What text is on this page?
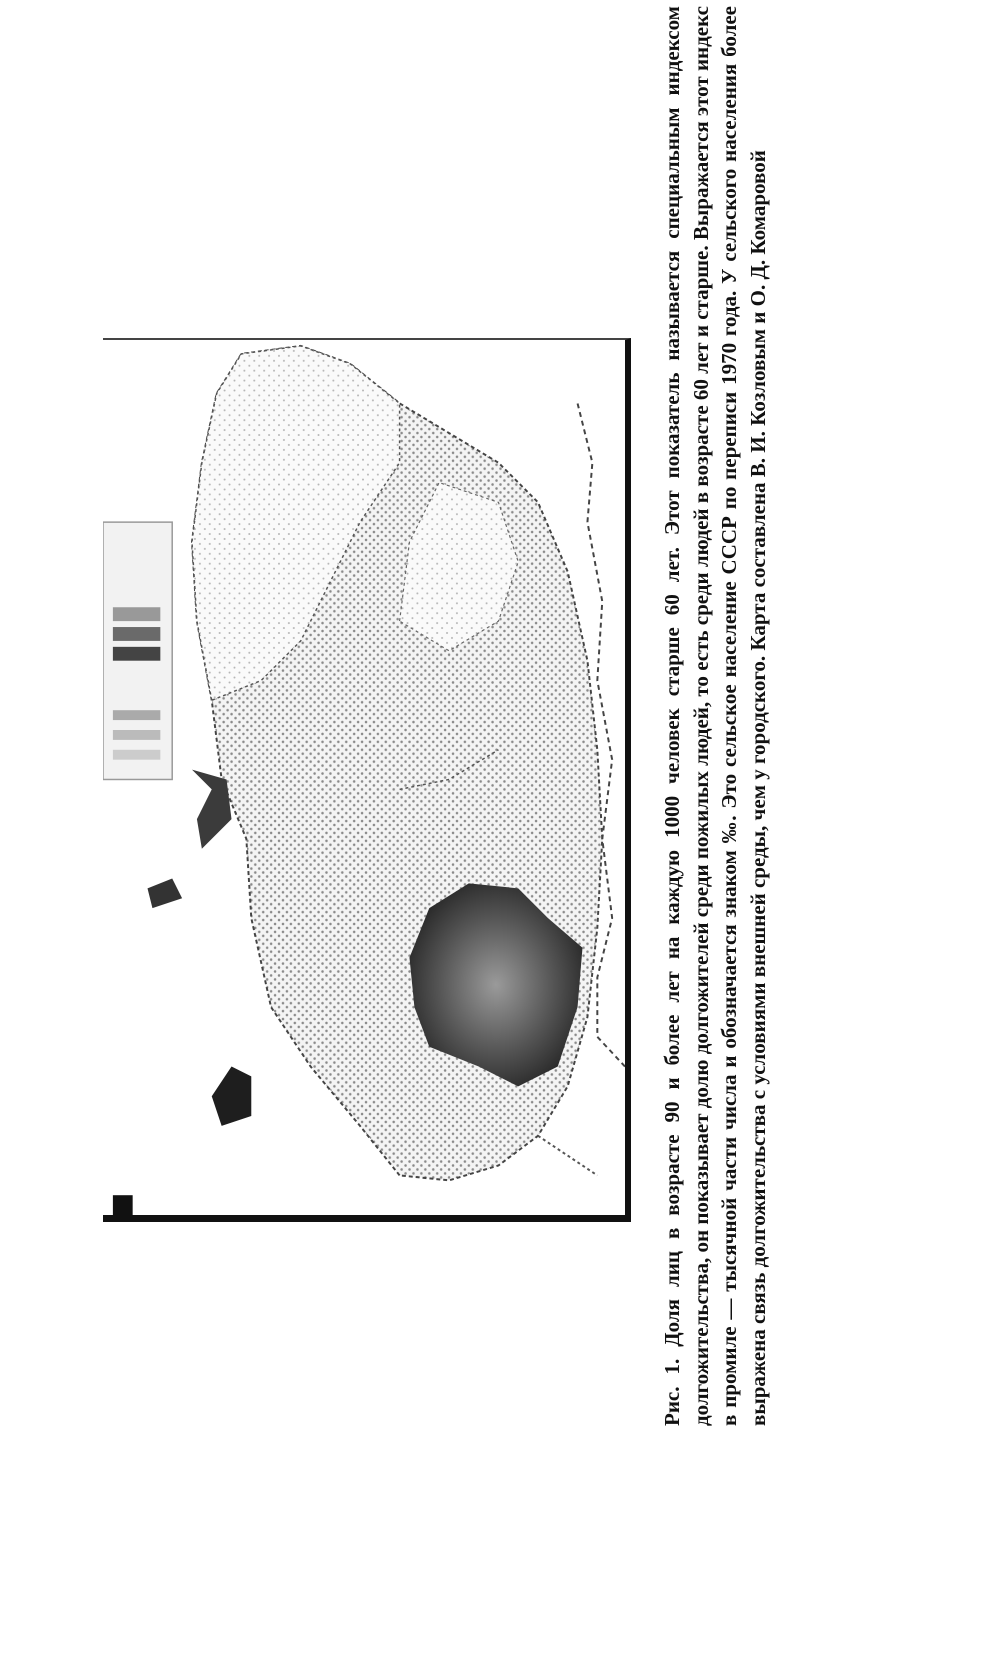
Рис. 1. Доля лиц в возрасте 90 и более лет на каждую 1000 человек старше 60 лет. Этот показатель называется специальным индексом долгожительства, он показывает долю долгожителей среди пожилых людей, то есть среди людей в возрасте 60 лет и старше. Выражается этот индекс в промиле — тысячной части числа и обозначается знаком ‰. Это сельское население СССР по переписи 1970 года. У сельского населения более выражена связь долгожительства с условиями внешней среды, чем у городского. Карта составлена В. И. Козловым и О. Д. Комаровой
